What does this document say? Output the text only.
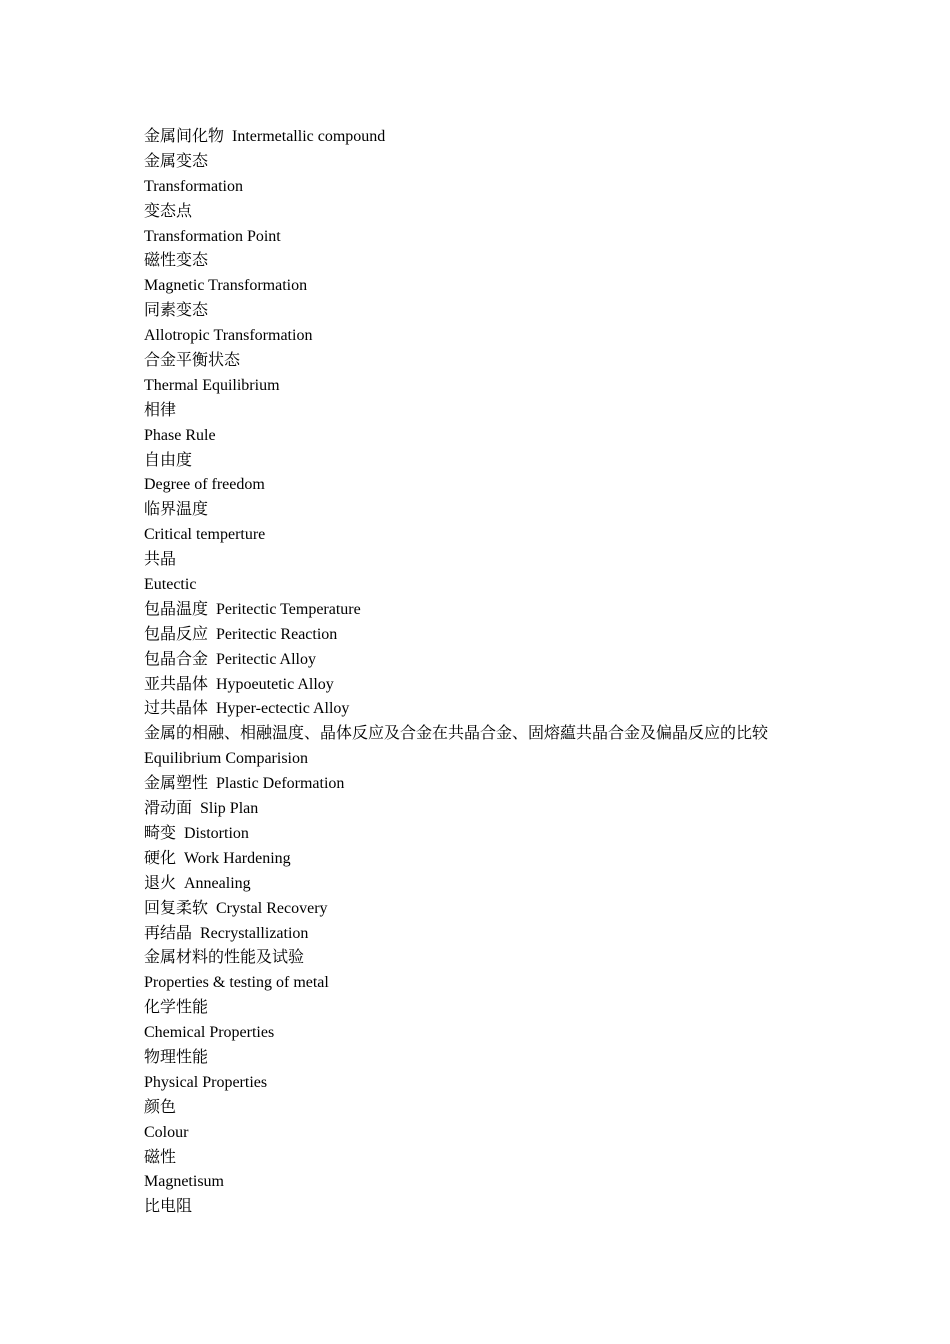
金属间化物  Intermetallic compound
金属变态
Transformation
变态点
Transformation Point
磁性变态
Magnetic Transformation
同素变态
Allotropic Transformation
合金平衡状态
Thermal Equilibrium
相律
Phase Rule
自由度
Degree of freedom
临界温度
Critical temperture
共晶
Eutectic
包晶温度  Peritectic Temperature
包晶反应  Peritectic Reaction
包晶合金  Peritectic Alloy
亚共晶体  Hypoeutetic Alloy
过共晶体  Hyper-ectectic Alloy
金属的相融、相融温度、晶体反应及合金在共晶合金、固熔藴共晶合金及偏晶反应的比较
Equilibrium Comparision
金属塑性  Plastic Deformation
滑动面  Slip Plan
畸变  Distortion
硬化  Work Hardening
退火  Annealing
回复柔软  Crystal Recovery
再结晶  Recrystallization
金属材料的性能及试验
Properties & testing of metal
化学性能
Chemical Properties
物理性能
Physical Properties
颜色
Colour
磁性
Magnetisum
比电阻
